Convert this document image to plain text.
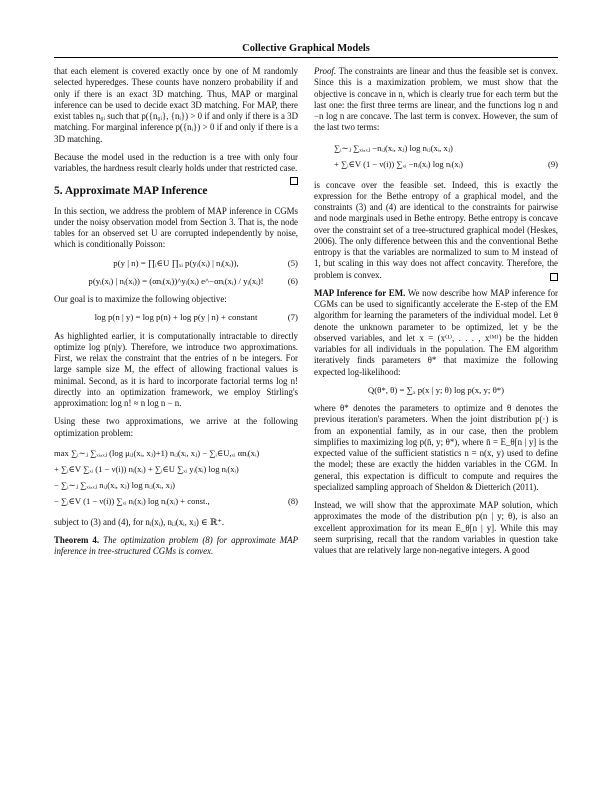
Collective Graphical Models

that each element is covered exactly once by one of M randomly selected hyperedges. These counts have nonzero probability if and only if there is an exact 3D matching. Thus, MAP or marginal inference can be used to decide exact 3D matching. For MAP, there exist tables n₀ᵢ such that p({n₀ᵢ}, {nᵢ}) > 0 if and only if there is a 3D matching. For marginal inference p({nᵢ}) > 0 if and only if there is a 3D matching.

Because the model used in the reduction is a tree with only four variables, the hardness result clearly holds under that restricted case.

5. Approximate MAP Inference

In this section, we address the problem of MAP inference in CGMs under the noisy observation model from Section 3. That is, the node tables for an observed set U are corrupted independently by noise, which is conditionally Poisson:

p(y | n) = ∏ᵢ∈U ∏ₓᵢ p(yᵢ(xᵢ) | nᵢ(xᵢ)),	(5)
p(yᵢ(xᵢ) | nᵢ(xᵢ)) = (αnᵢ(xᵢ))^yᵢ(xᵢ) e^−αnᵢ(xᵢ) / yᵢ(xᵢ)!	(6)

Our goal is to maximize the following objective:

log p(n | y) = log p(n) + log p(y | n) + constant	(7)

As highlighted earlier, it is computationally intractable to directly optimize log p(n|y). Therefore, we introduce two approximations. First, we relax the constraint that the entries of n be integers. For large sample size M, the effect of allowing fractional values is minimal. Second, as it is hard to incorporate factorial terms log n! directly into an optimization framework, we employ Stirling's approximation: log n! ≈ n log n − n.

Using these two approximations, we arrive at the following optimization problem:

max ∑ᵢ∼ⱼ ∑ₓᵢ,ₓⱼ (log μᵢⱼ(xᵢ, xⱼ)+1) nᵢⱼ(xᵢ, xⱼ) − ∑ᵢ∈U,ₓᵢ αnᵢ(xᵢ)
+ ∑ᵢ∈V ∑ₓᵢ (1 − ν(i)) nᵢ(xᵢ) + ∑ᵢ∈U ∑ₓᵢ yᵢ(xᵢ) log nᵢ(xᵢ)
− ∑ᵢ∼ⱼ ∑ₓᵢ,ₓⱼ nᵢⱼ(xᵢ, xⱼ) log nᵢⱼ(xᵢ, xⱼ)
− ∑ᵢ∈V (1 − ν(i)) ∑ₓᵢ nᵢ(xᵢ) log nᵢ(xᵢ) + const.,	(8)

subject to (3) and (4), for nᵢ(xᵢ), nᵢⱼ(xᵢ, xⱼ) ∈ ℝ⁺.

Theorem 4. The optimization problem (8) for approximate MAP inference in tree-structured CGMs is convex.

Proof. The constraints are linear and thus the feasible set is convex. Since this is a maximization problem, we must show that the objective is concave in n, which is clearly true for each term but the last one: the first three terms are linear, and the functions log n and −n log n are concave. The last term is convex. However, the sum of the last two terms:

∑ᵢ∼ⱼ ∑ₓᵢ,ₓⱼ −nᵢⱼ(xᵢ, xⱼ) log nᵢⱼ(xᵢ, xⱼ)
+ ∑ᵢ∈V (1 − ν(i)) ∑ₓᵢ −nᵢ(xᵢ) log nᵢ(xᵢ)	(9)

is concave over the feasible set. Indeed, this is exactly the expression for the Bethe entropy of a graphical model, and the constraints (3) and (4) are identical to the constraints for pairwise and node marginals used in Bethe entropy. Bethe entropy is concave over the constraint set of a tree-structured graphical model (Heskes, 2006). The only difference between this and the conventional Bethe entropy is that the variables are normalized to sum to M instead of 1, but scaling in this way does not affect concavity. Therefore, the problem is convex.

MAP Inference for EM. We now describe how MAP inference for CGMs can be used to significantly accelerate the E-step of the EM algorithm for learning the parameters of the individual model. Let θ denote the unknown parameter to be optimized, let y be the observed variables, and let x = (x⁽¹⁾, . . . , x⁽ᴹ⁾) be the hidden variables for all individuals in the population. The EM algorithm iteratively finds parameters θ* that maximize the following expected log-likelihood:

Q(θ*, θ) = ∑ₓ p(x | y; θ) log p(x, y; θ*)

where θ* denotes the parameters to optimize and θ denotes the previous iteration's parameters. When the joint distribution p(·) is from an exponential family, as in our case, then the problem simplifies to maximizing log p(n̄, y; θ*), where n̄ = E_θ[n | y] is the expected value of the sufficient statistics n = n(x, y) used to define the model; these are exactly the hidden variables in the CGM. In general, this expectation is difficult to compute and requires the specialized sampling approach of Sheldon & Dietterich (2011).

Instead, we will show that the approximate MAP solution, which approximates the mode of the distribution p(n | y; θ), is also an excellent approximation for its mean E_θ[n | y]. While this may seem surprising, recall that the random variables in question take values that are relatively large non-negative integers. A good
